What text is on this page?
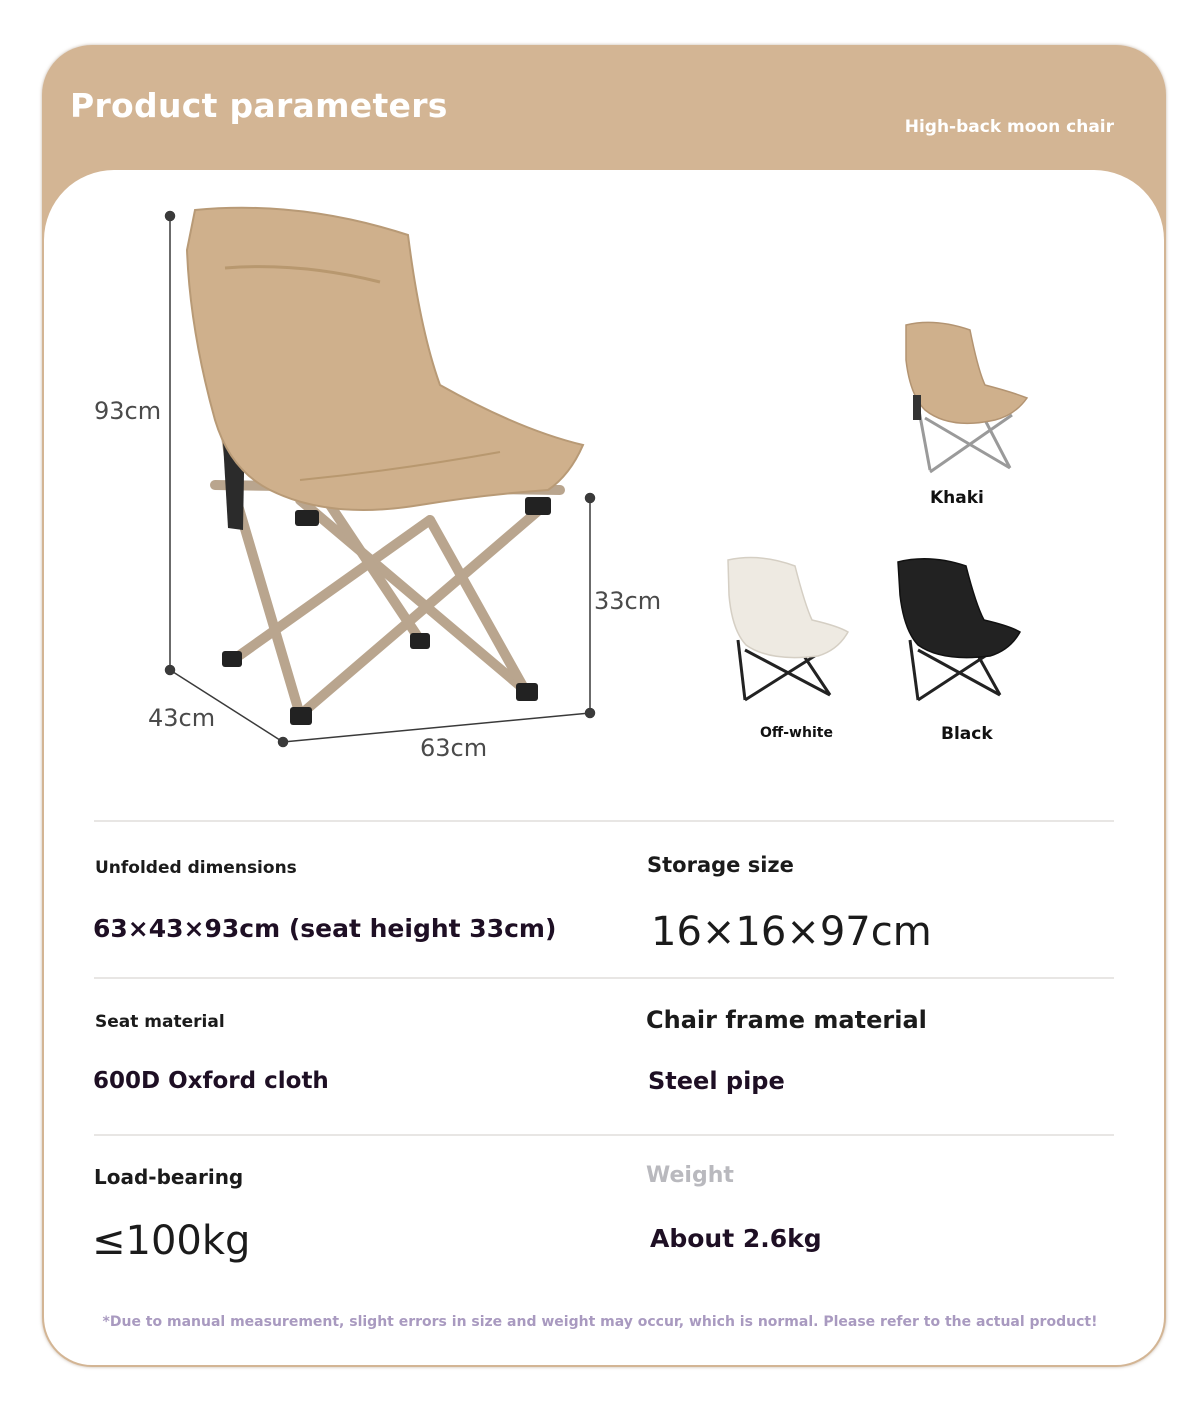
Product parameters
High-back moon chair
93cm
33cm
43cm
63cm
Khaki
Off-white	Black
Unfolded dimensions
63×43×93cm (seat height 33cm)
Storage size
16×16×97cm
Seat material
600D Oxford cloth
Chair frame material
Steel pipe
Load-bearing
≤100kg
Weight
About 2.6kg
*Due to manual measurement, slight errors in size and weight may occur, which is normal. Please refer to the actual product!
